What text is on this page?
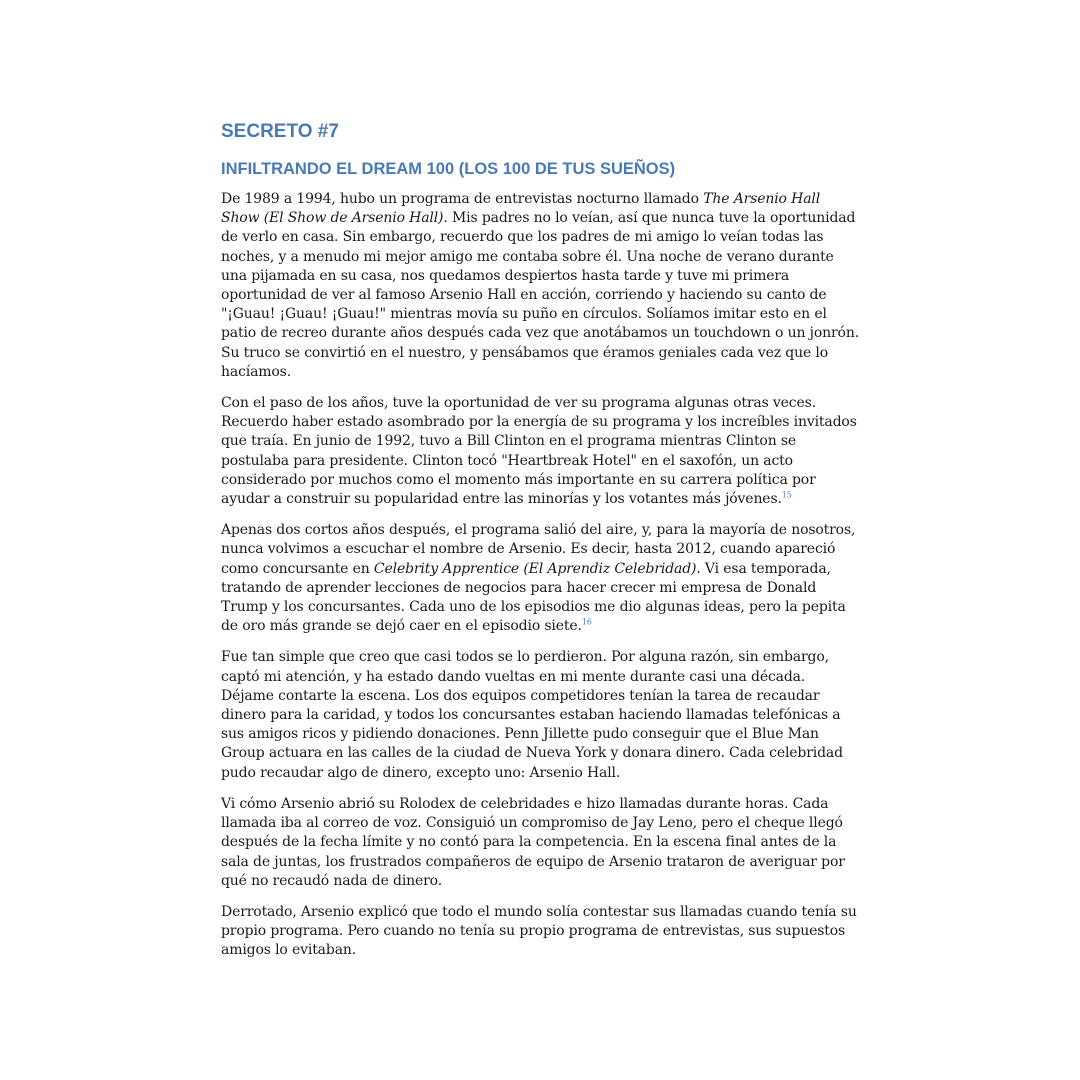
SECRETO #7
INFILTRANDO EL DREAM 100 (LOS 100 DE TUS SUEÑOS)

De 1989 a 1994, hubo un programa de entrevistas nocturno llamado The Arsenio Hall Show (El Show de Arsenio Hall). Mis padres no lo veían, así que nunca tuve la oportunidad de verlo en casa. Sin embargo, recuerdo que los padres de mi amigo lo veían todas las noches, y a menudo mi mejor amigo me contaba sobre él. Una noche de verano durante una pijamada en su casa, nos quedamos despiertos hasta tarde y tuve mi primera oportunidad de ver al famoso Arsenio Hall en acción, corriendo y haciendo su canto de "¡Guau! ¡Guau! ¡Guau!" mientras movía su puño en círculos. Solíamos imitar esto en el patio de recreo durante años después cada vez que anotábamos un touchdown o un jonrón. Su truco se convirtió en el nuestro, y pensábamos que éramos geniales cada vez que lo hacíamos.

Con el paso de los años, tuve la oportunidad de ver su programa algunas otras veces. Recuerdo haber estado asombrado por la energía de su programa y los increíbles invitados que traía. En junio de 1992, tuvo a Bill Clinton en el programa mientras Clinton se postulaba para presidente. Clinton tocó "Heartbreak Hotel" en el saxofón, un acto considerado por muchos como el momento más importante en su carrera política por ayudar a construir su popularidad entre las minorías y los votantes más jóvenes.$^{15}$

Apenas dos cortos años después, el programa salió del aire, y, para la mayoría de nosotros, nunca volvimos a escuchar el nombre de Arsenio. Es decir, hasta 2012, cuando apareció como concursante en Celebrity Apprentice (El Aprendiz Celebridad). Vi esa temporada, tratando de aprender lecciones de negocios para hacer crecer mi empresa de Donald Trump y los concursantes. Cada uno de los episodios me dio algunas ideas, pero la pepita de oro más grande se dejó caer en el episodio siete.$^{16}$

Fue tan simple que creo que casi todos se lo perdieron. Por alguna razón, sin embargo, captó mi atención, y ha estado dando vueltas en mi mente durante casi una década. Déjame contarte la escena. Los dos equipos competidores tenían la tarea de recaudar dinero para la caridad, y todos los concursantes estaban haciendo llamadas telefónicas a sus amigos ricos y pidiendo donaciones. Penn Jillette pudo conseguir que el Blue Man Group actuara en las calles de la ciudad de Nueva York y donara dinero. Cada celebridad pudo recaudar algo de dinero, excepto uno: Arsenio Hall.

Vi cómo Arsenio abrió su Rolodex de celebridades e hizo llamadas durante horas. Cada llamada iba al correo de voz. Consiguió un compromiso de Jay Leno, pero el cheque llegó después de la fecha límite y no contó para la competencia. En la escena final antes de la sala de juntas, los frustrados compañeros de equipo de Arsenio trataron de averiguar por qué no recaudó nada de dinero.

Derrotado, Arsenio explicó que todo el mundo solía contestar sus llamadas cuando tenía su propio programa. Pero cuando no tenía su propio programa de entrevistas, sus supuestos amigos lo evitaban.
